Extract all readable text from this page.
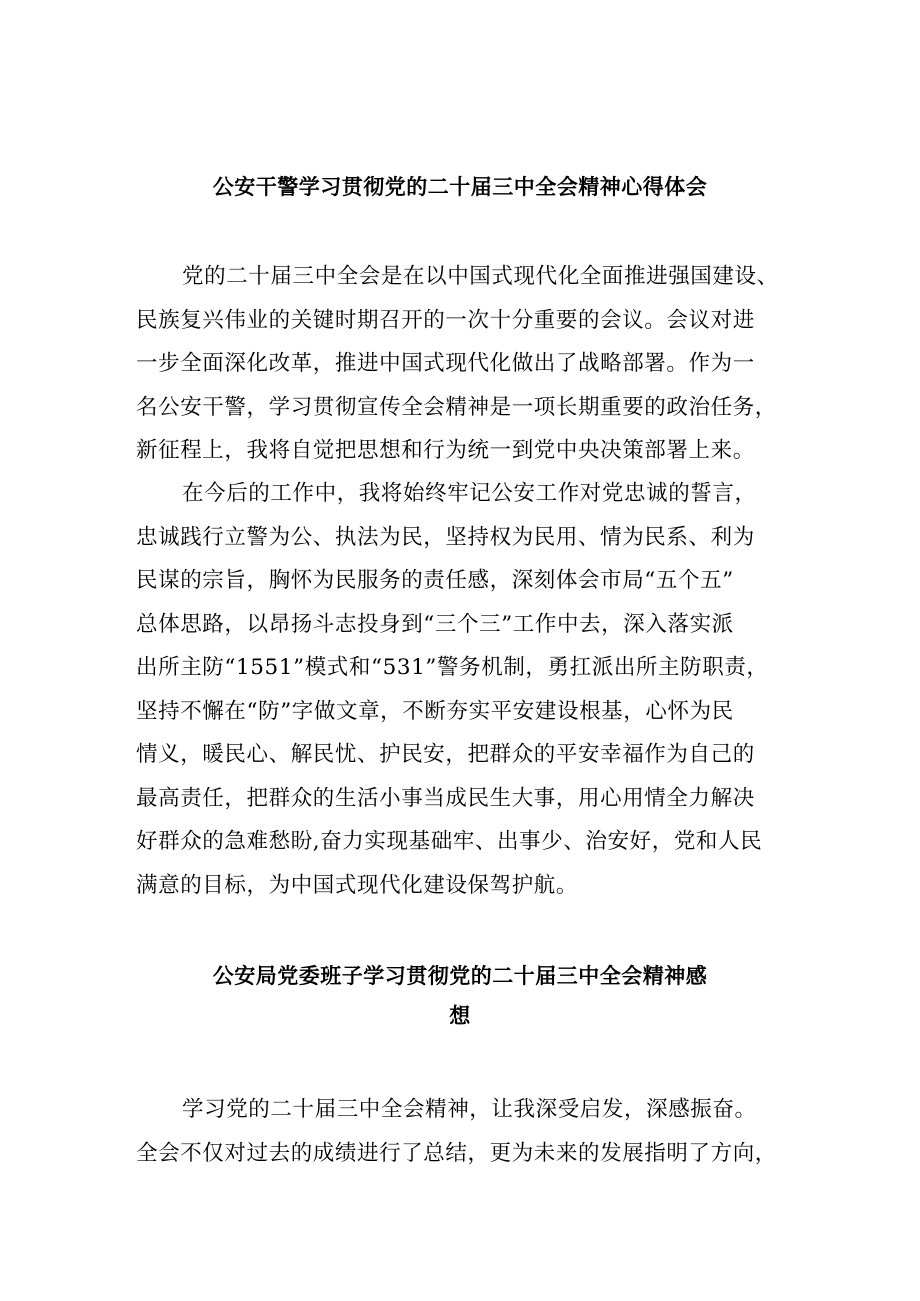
公安干警学习贯彻党的二十届三中全会精神心得体会
党的二十届三中全会是在以中国式现代化全面推进强国建设、
民族复兴伟业的关键时期召开的一次十分重要的会议。会议对进
一步全面深化改革，推进中国式现代化做出了战略部署。作为一
名公安干警，学习贯彻宣传全会精神是一项长期重要的政治任务，
新征程上，我将自觉把思想和行为统一到党中央决策部署上来。
在今后的工作中，我将始终牢记公安工作对党忠诚的誓言，
忠诚践行立警为公、执法为民，坚持权为民用、情为民系、利为
民谋的宗旨，胸怀为民服务的责任感，深刻体会市局“五个五”
总体思路，以昂扬斗志投身到“三个三”工作中去，深入落实派
出所主防“1551”模式和“531”警务机制，勇扛派出所主防职责，
坚持不懈在“防”字做文章，不断夯实平安建设根基，心怀为民
情义，暖民心、解民忧、护民安，把群众的平安幸福作为自己的
最高责任，把群众的生活小事当成民生大事，用心用情全力解决
好群众的急难愁盼,奋力实现基础牢、出事少、治安好，党和人民
满意的目标，为中国式现代化建设保驾护航。
公安局党委班子学习贯彻党的二十届三中全会精神感
想
学习党的二十届三中全会精神，让我深受启发，深感振奋。
全会不仅对过去的成绩进行了总结，更为未来的发展指明了方向，
